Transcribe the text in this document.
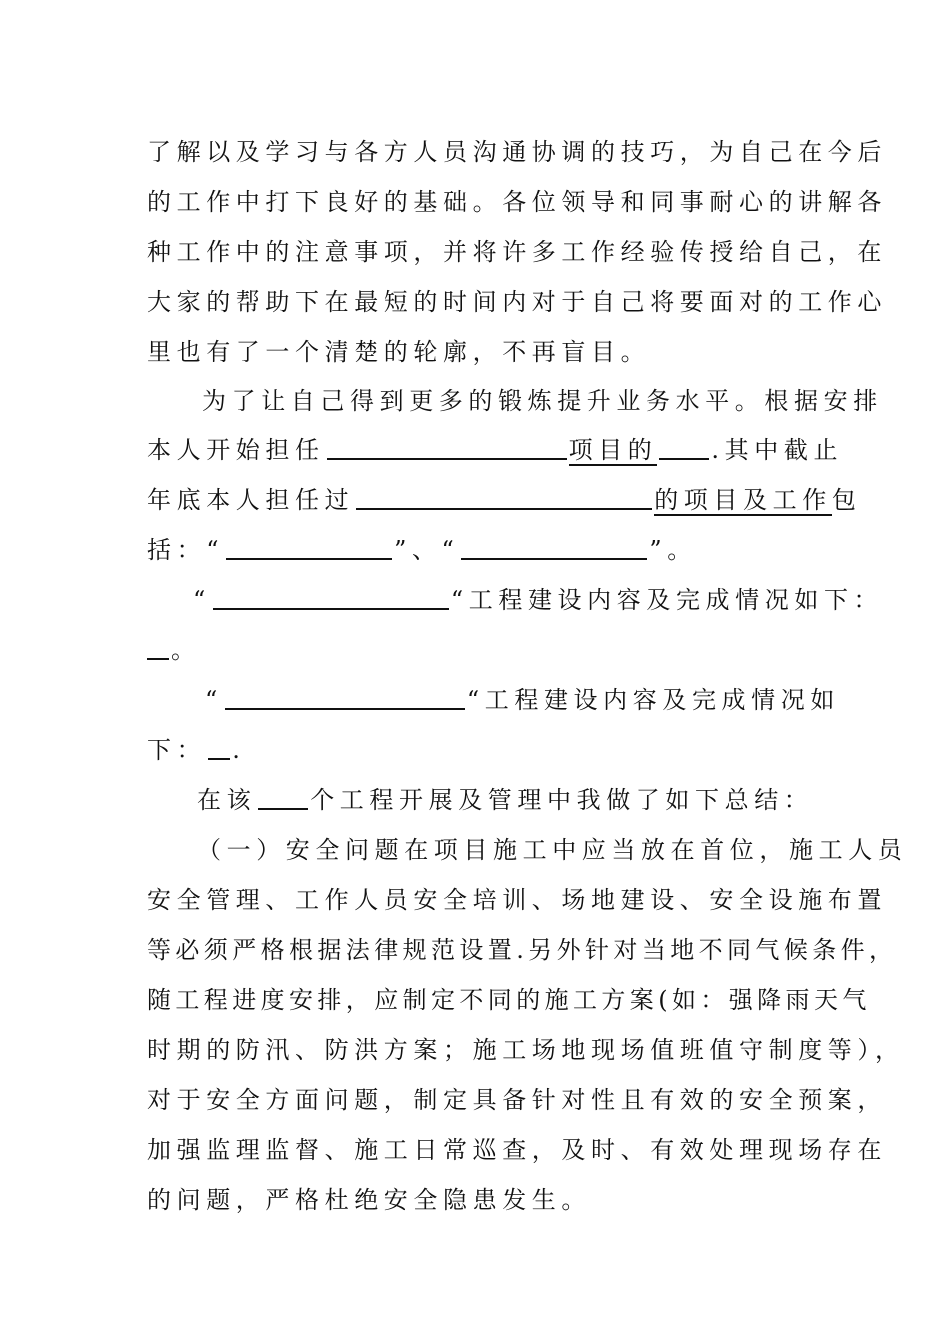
了解以及学习与各方人员沟通协调的技巧，为自己在今后
的工作中打下良好的基础。各位领导和同事耐心的讲解各
种工作中的注意事项，并将许多工作经验传授给自己，在
大家的帮助下在最短的时间内对于自己将要面对的工作心
里也有了一个清楚的轮廓，不再盲目。
为了让自己得到更多的锻炼提升业务水平。根据安排
本人开始担任	项目的 .其中截止
年底本人担任过	的项目及工作包
括：“	”、“	”。
“	“工程建设内容及完成情况如下：
。
“	“工程建设内容及完成情况如
下： .
在该 个工程开展及管理中我做了如下总结：
（一）安全问题在项目施工中应当放在首位，施工人员
安全管理、工作人员安全培训、场地建设、安全设施布置
等必须严格根据法律规范设置.另外针对当地不同气候条件，
随工程进度安排，应制定不同的施工方案(如：强降雨天气
时期的防汛、防洪方案；施工场地现场值班值守制度等），
对于安全方面问题，制定具备针对性且有效的安全预案，
加强监理监督、施工日常巡查，及时、有效处理现场存在
的问题，严格杜绝安全隐患发生。
